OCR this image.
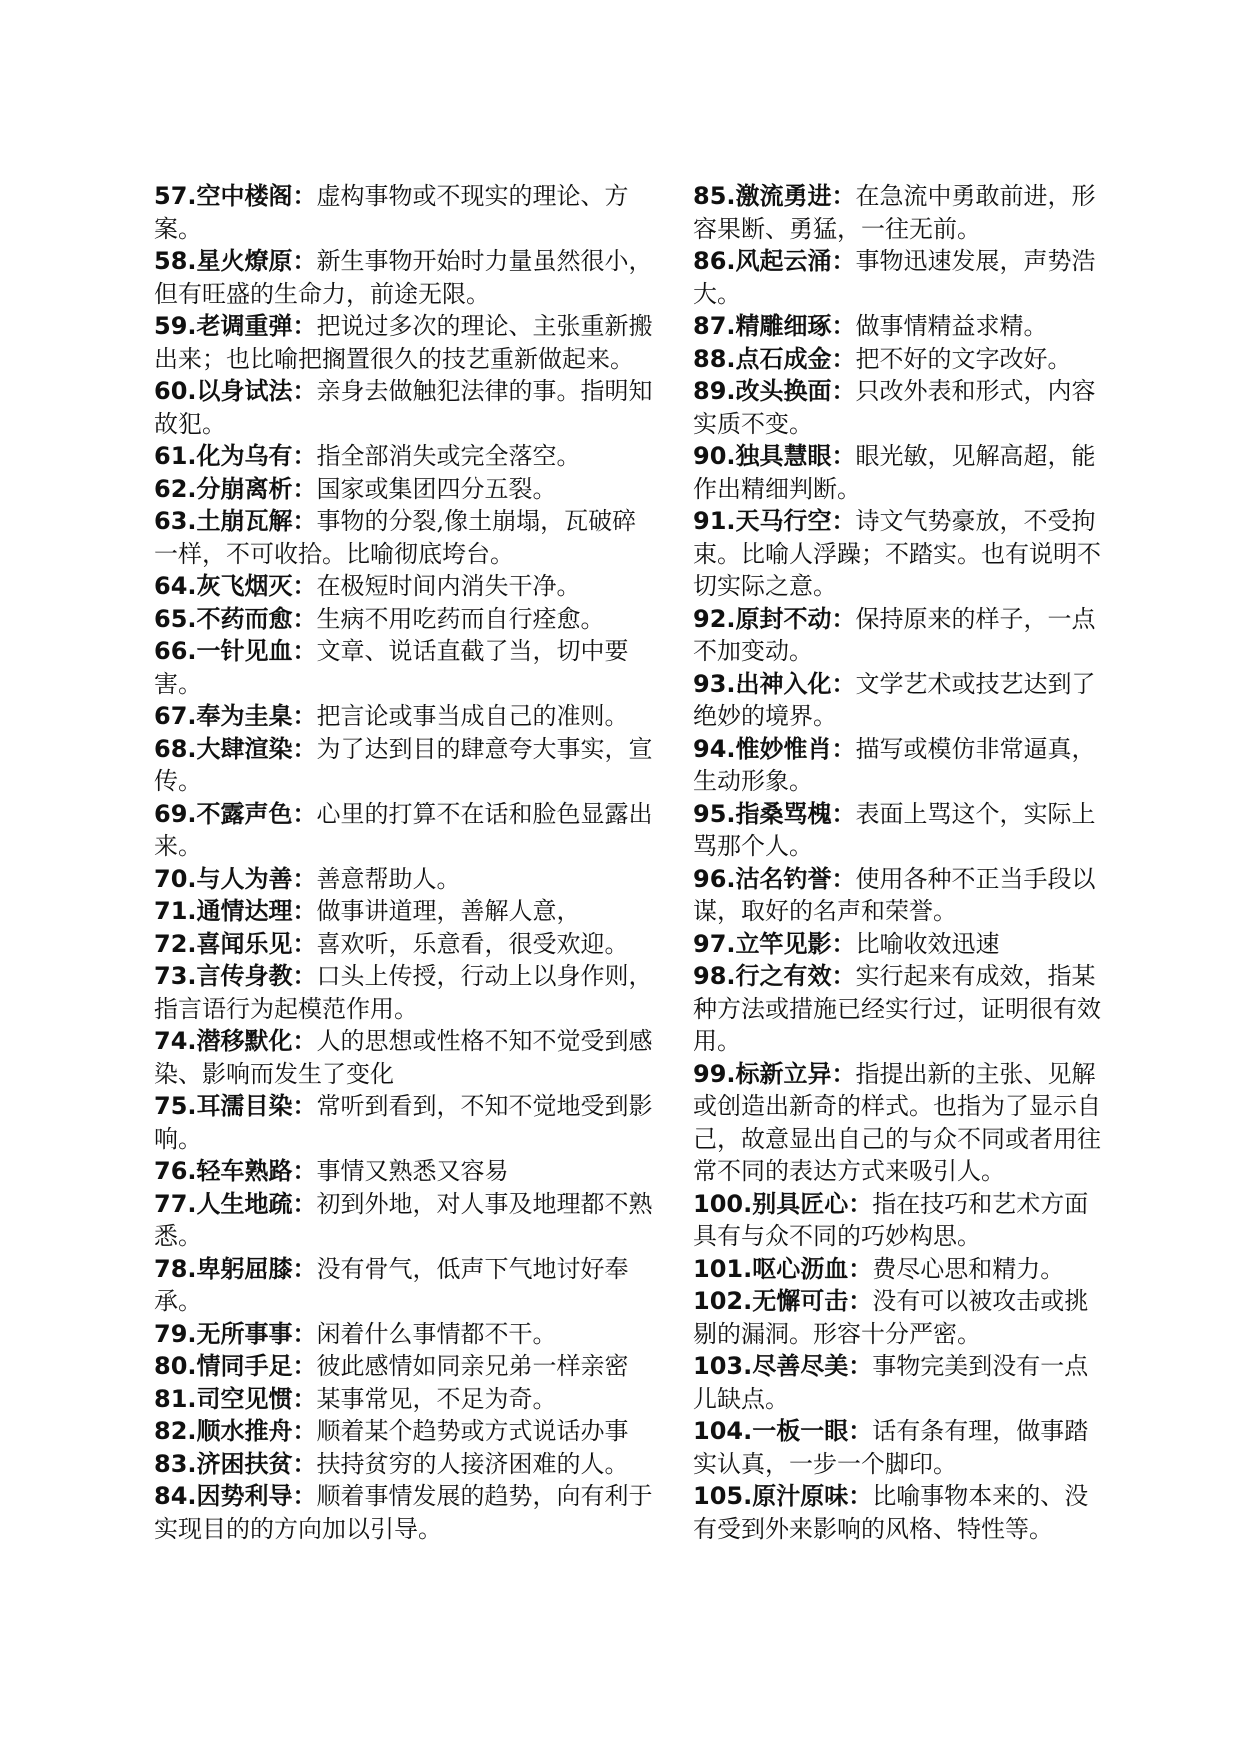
57.空中楼阁：虚构事物或不现实的理论、方案。

58.星火燎原：新生事物开始时力量虽然很小，但有旺盛的生命力，前途无限。

59.老调重弹：把说过多次的理论、主张重新搬出来；也比喻把搁置很久的技艺重新做起来。

60.以身试法：亲身去做触犯法律的事。指明知故犯。

61.化为乌有：指全部消失或完全落空。

62.分崩离析：国家或集团四分五裂。

63.土崩瓦解：事物的分裂,像土崩塌，瓦破碎一样，不可收拾。比喻彻底垮台。

64.灰飞烟灭：在极短时间内消失干净。

65.不药而愈：生病不用吃药而自行痊愈。

66.一针见血：文章、说话直截了当，切中要害。

67.奉为圭臬：把言论或事当成自己的准则。

68.大肆渲染：为了达到目的肆意夸大事实，宣传。

69.不露声色：心里的打算不在话和脸色显露出来。

70.与人为善：善意帮助人。

71.通情达理：做事讲道理，善解人意，

72.喜闻乐见：喜欢听，乐意看，很受欢迎。

73.言传身教：口头上传授，行动上以身作则，指言语行为起模范作用。

74.潜移默化：人的思想或性格不知不觉受到感染、影响而发生了变化

75.耳濡目染：常听到看到，不知不觉地受到影响。

76.轻车熟路：事情又熟悉又容易

77.人生地疏：初到外地，对人事及地理都不熟悉。

78.卑躬屈膝：没有骨气，低声下气地讨好奉承。

79.无所事事：闲着什么事情都不干。

80.情同手足：彼此感情如同亲兄弟一样亲密

81.司空见惯：某事常见，不足为奇。

82.顺水推舟：顺着某个趋势或方式说话办事

83.济困扶贫：扶持贫穷的人接济困难的人。

84.因势利导：顺着事情发展的趋势，向有利于实现目的的方向加以引导。

85.激流勇进：在急流中勇敢前进，形容果断、勇猛，一往无前。

86.风起云涌：事物迅速发展，声势浩大。

87.精雕细琢：做事情精益求精。

88.点石成金：把不好的文字改好。

89.改头换面：只改外表和形式，内容实质不变。

90.独具慧眼：眼光敏，见解高超，能作出精细判断。

91.天马行空：诗文气势豪放，不受拘束。比喻人浮躁；不踏实。也有说明不切实际之意。

92.原封不动：保持原来的样子，一点不加变动。

93.出神入化：文学艺术或技艺达到了绝妙的境界。

94.惟妙惟肖：描写或模仿非常逼真，生动形象。

95.指桑骂槐：表面上骂这个，实际上骂那个人。

96.沽名钓誉：使用各种不正当手段以谋，取好的名声和荣誉。

97.立竿见影：比喻收效迅速

98.行之有效：实行起来有成效，指某种方法或措施已经实行过，证明很有效用。

99.标新立异：指提出新的主张、见解或创造出新奇的样式。也指为了显示自己，故意显出自己的与众不同或者用往常不同的表达方式来吸引人。

100.别具匠心：指在技巧和艺术方面具有与众不同的巧妙构思。

101.呕心沥血：费尽心思和精力。

102.无懈可击：没有可以被攻击或挑剔的漏洞。形容十分严密。

103.尽善尽美：事物完美到没有一点儿缺点。

104.一板一眼：话有条有理，做事踏实认真，一步一个脚印。

105.原汁原味：比喻事物本来的、没有受到外来影响的风格、特性等。
